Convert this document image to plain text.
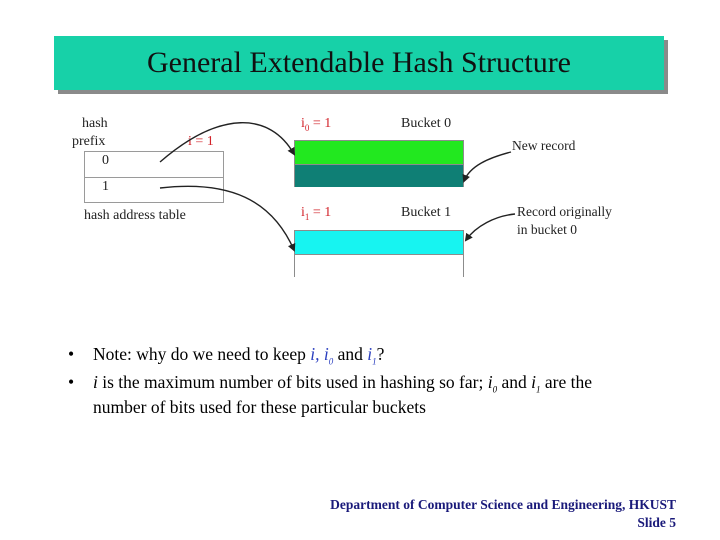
General Extendable Hash Structure
hash
prefix	i = 1
0
1
hash address table
$i_0 = 1$	Bucket 0
$i_1 = 1$	Bucket 1
New record
Record originally
in bucket 0
• Note: why do we need to keep i, $i_0$ and $i_1$?
• i is the maximum number of bits used in hashing so far; $i_0$ and $i_1$ are the
number of bits used for these particular buckets
Department of Computer Science and Engineering, HKUST
Slide 5
